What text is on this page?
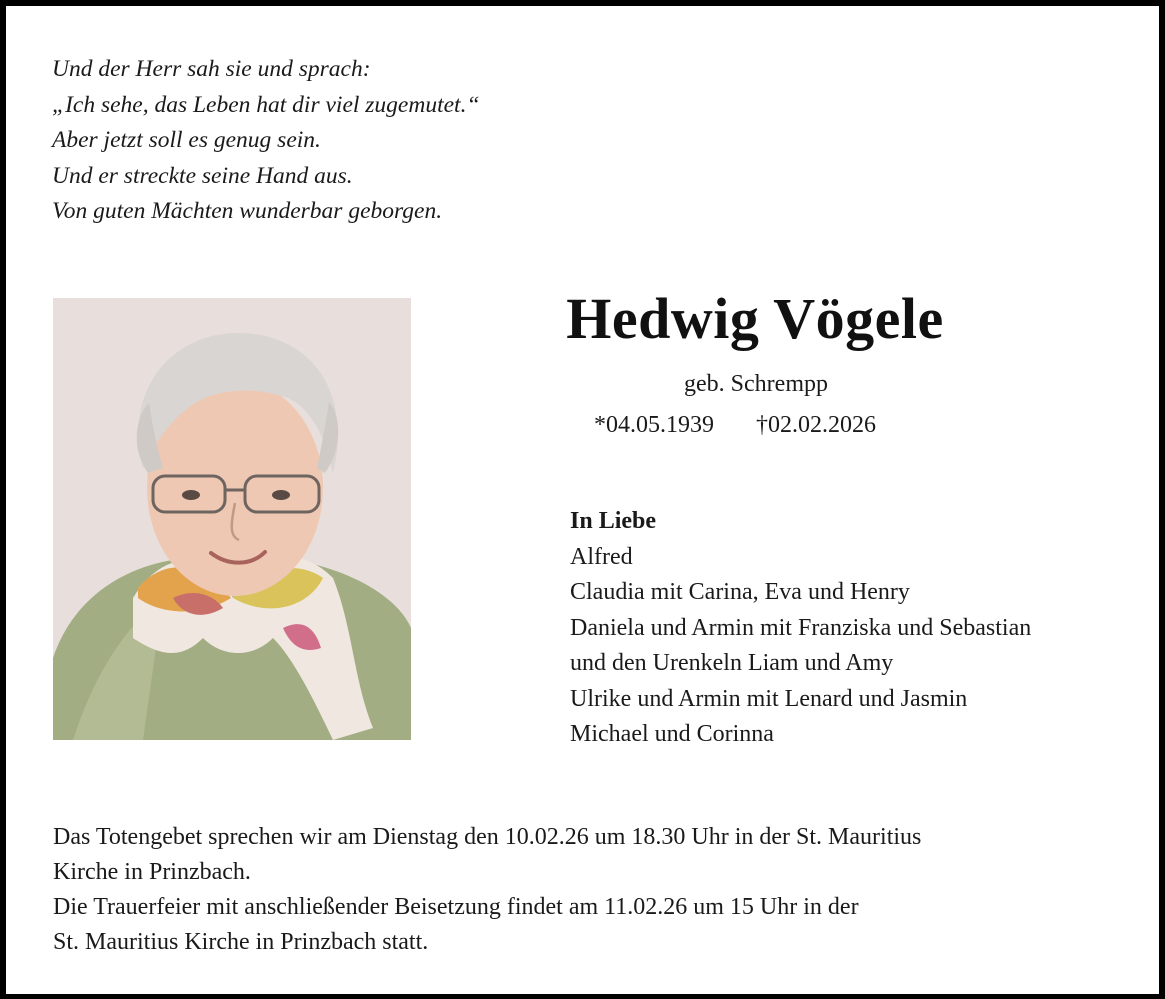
Und der Herr sah sie und sprach:
„Ich sehe, das Leben hat dir viel zugemutet.“
Aber jetzt soll es genug sein.
Und er streckte seine Hand aus.
Von guten Mächten wunderbar geborgen.
Hedwig Vögele
geb. Schrempp
*04.05.1939 †02.02.2026
In Liebe
Alfred
Claudia mit Carina, Eva und Henry
Daniela und Armin mit Franziska und Sebastian
und den Urenkeln Liam und Amy
Ulrike und Armin mit Lenard und Jasmin
Michael und Corinna
Das Totengebet sprechen wir am Dienstag den 10.02.26 um 18.30 Uhr in der St. Mauritius
Kirche in Prinzbach.
Die Trauerfeier mit anschließender Beisetzung findet am 11.02.26 um 15 Uhr in der
St. Mauritius Kirche in Prinzbach statt.
